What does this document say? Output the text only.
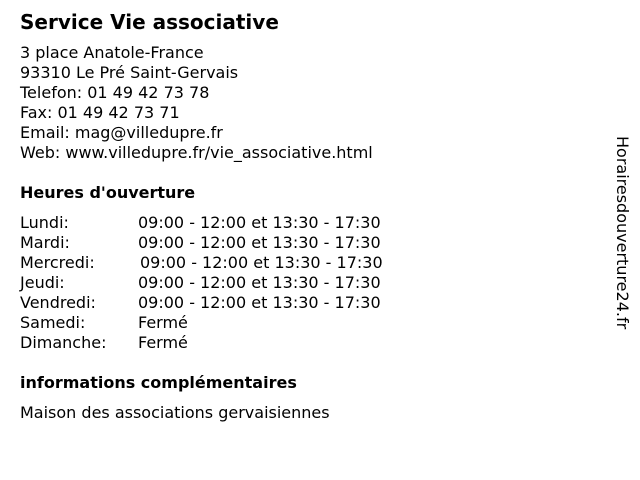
Service Vie associative
3 place Anatole-France
93310 Le Pré Saint-Gervais
Telefon: 01 49 42 73 78
Fax: 01 49 42 73 71
Email: mag@villedupre.fr
Web: www.villedupre.fr/vie_associative.html
Heures d'ouverture
Lundi:	09:00 - 12:00 et 13:30 - 17:30
Mardi:	09:00 - 12:00 et 13:30 - 17:30
Mercredi:	09:00 - 12:00 et 13:30 - 17:30
Jeudi:	09:00 - 12:00 et 13:30 - 17:30
Vendredi:	09:00 - 12:00 et 13:30 - 17:30
Samedi:	Fermé
Dimanche: Fermé
informations complémentaires
Maison des associations gervaisiennes
Horairesdouverture24.fr
